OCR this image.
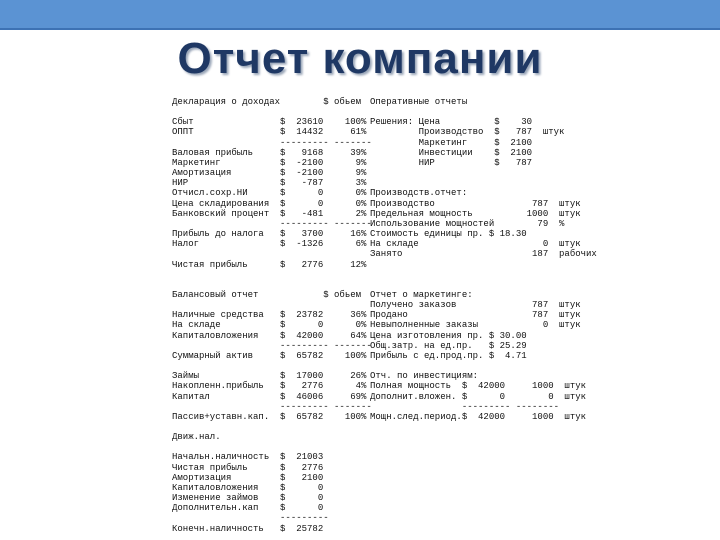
Отчет компании
Декларация о доходах        $ обьем

Сбыт                $  23610    100%
ОППТ                $  14432     61%
--------- -------
Валовая прибыль     $   9168     39%
Маркетинг           $  -2100      9%
Амортизация         $  -2100      9%
НИР                 $   -787      3%
Отчисл.сохр.НИ      $      0      0%
Цена складирования  $      0      0%
Банковский процент  $   -481      2%
--------- -------
Прибыль до налога   $   3700     16%
Налог               $  -1326      6%

Чистая прибыль      $   2776     12%

Балансовый отчет            $ обьем

Наличные средства   $  23782     36%
На складе           $      0      0%
Капиталовложения    $  42000     64%
--------- -------
Суммарный актив     $  65782    100%

Займы               $  17000     26%
Накопленн.прибыль   $   2776      4%
Капитал             $  46006     69%
--------- -------
Пассив+уставн.кап.  $  65782    100%

Движ.нал.

Начальн.наличность  $  21003
Чистая прибыль      $   2776
Амортизация         $   2100
Капиталовложения    $      0
Изменение займов    $      0
Дополнительн.кап    $      0
---------
Конечн.наличность   $  25782
Оперативные отчеты

Решения: Цена          $    30
Производство  $   787  штук
Маркетинг     $  2100
Инвестиции    $  2100
НИР           $   787

Производств.отчет:
Производство                  787  штук
Предельная мощность          1000  штук
Использование мощностей        79  %
Стоимость единицы пр. $ 18.30
На складе                       0  штук
Занято                        187  рабочих

Отчет о маркетинге:
Получено заказов              787  штук
Продано                       787  штук
Невыполненные заказы            0  штук
Цена изготовления пр. $ 30.00
Общ.затр. на ед.пр.   $ 25.29
Прибыль с ед.прод.пр. $  4.71

Отч. по инвестициям:
Полная мощность  $  42000     1000  штук
Дополнит.вложен. $      0        0  штук
--------- --------
Мощн.след.период.$  42000     1000  штук
